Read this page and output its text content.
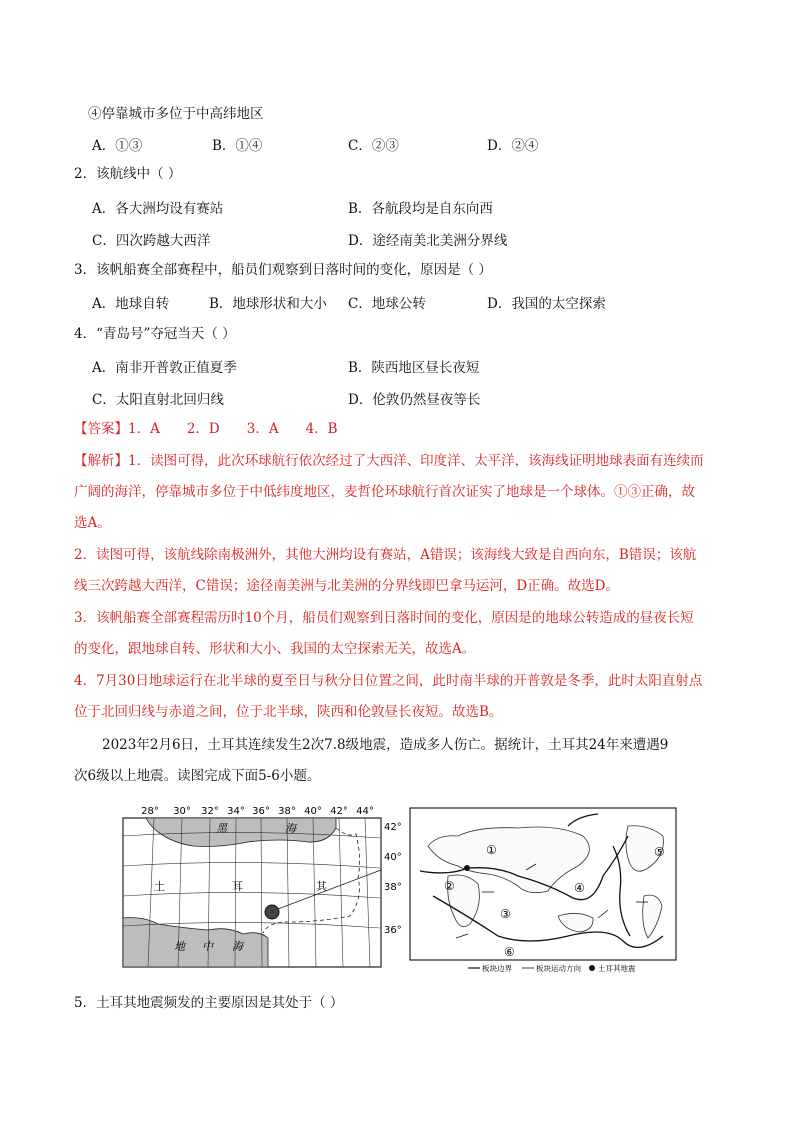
④停靠城市多位于中高纬地区
A．①③	B．①④	C．②③	D．②④
2．该航线中（ ）
A．各大洲均设有赛站	B．各航段均是自东向西
C．四次跨越大西洋	D．途经南美北美洲分界线
3．该帆船赛全部赛程中，船员们观察到日落时间的变化，原因是（ ）
A．地球自转	B．地球形状和大小 C．地球公转	D．我国的太空探索
4．“青岛号”夺冠当天（ ）
A．南非开普敦正值夏季	B．陕西地区昼长夜短
C．太阳直射北回归线	D．伦敦仍然昼夜等长
【答案】1．A　　2．D　　3．A　　4．B
【解析】1．读图可得，此次环球航行依次经过了大西洋、印度洋、太平洋，该海线证明地球表面有连续而
广阔的海洋，停靠城市多位于中低纬度地区，麦哲伦环球航行首次证实了地球是一个球体。①③正确，故
选A。
2．读图可得，该航线除南极洲外，其他大洲均设有赛站，A错误；该海线大致是自西向东，B错误；该航
线三次跨越大西洋，C错误；途径南美洲与北美洲的分界线即巴拿马运河，D正确。故选D。
3．该帆船赛全部赛程需历时10个月，船员们观察到日落时间的变化，原因是的地球公转造成的昼夜长短
的变化，跟地球自转、形状和大小、我国的太空探索无关，故选A。
4．7月30日地球运行在北半球的夏至日与秋分日位置之间，此时南半球的开普敦是冬季，此时太阳直射点
位于北回归线与赤道之间，位于北半球，陕西和伦敦昼长夜短。故选B。
2023年2月6日，土耳其连续发生2次7.8级地震，造成多人伤亡。据统计，土耳其24年来遭遇9
次6级以上地震。读图完成下面5-6小题。
28° 30° 32° 34° 36° 38° 40° 42° 44°
42°
40°
38°
36°
黑	海
土	耳	其
地 中 海
①
②
③
④
⑤
⑥
板块边界	板块运动方向 土耳其地震
5．土耳其地震频发的主要原因是其处于（ ）
